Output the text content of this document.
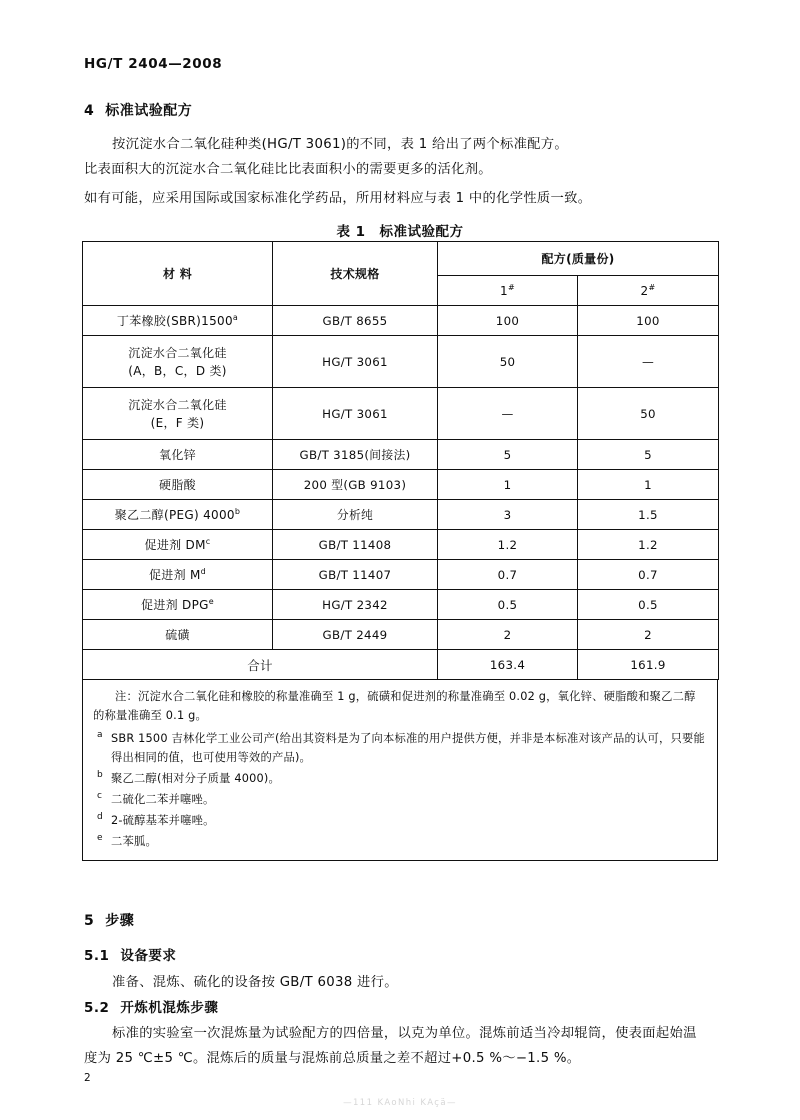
HG/T 2404—2008
4 标准试验配方
按沉淀水合二氧化硅种类(HG/T 3061)的不同，表 1 给出了两个标准配方。
比表面积大的沉淀水合二氧化硅比比表面积小的需要更多的活化剂。
如有可能，应采用国际或国家标准化学药品，所用材料应与表 1 中的化学性质一致。
表 1 标准试验配方
材 料	技术规格	配方(质量份)	
		1#	2#
丁苯橡胶(SBR)1500$^a$	GB/T 8655	100	100
沉淀水合二氧化硅
(A，B，C，D 类)	HG/T 3061	50	—
沉淀水合二氧化硅
(E，F 类)	HG/T 3061	—	50
氧化锌	GB/T 3185(间接法)	5	5
硬脂酸	200 型(GB 9103)	1	1
聚乙二醇(PEG) 4000$^b$	分析纯	3	1.5
促进剂 $DM^c$	GB/T 11408	1.2	1.2
促进剂 $M^d$	GB/T 11407	0.7	0.7
促进剂 DPG$^e$	HG/T 2342	0.5	0.5
硫磺	GB/T 2449	2	2
合计		163.4	161.9

注：沉淀水合二氧化硅和橡胶的称量准确至 1 g，硫磺和促进剂的称量准确至 0.02 g，氧化锌、硬脂酸和聚乙二醇的称量准确至 0.1 g。

a SBR 1500 吉林化学工业公司产(给出其资料是为了向本标准的用户提供方便，并非是本标准对该产品的认可，只要能得出相同的值，也可使用等效的产品)。

b 聚乙二醇(相对分子质量 4000)。

c 二硫化二苯并噻唑。

d 2-硫醇基苯并噻唑。

e 二苯胍。

5 步骤
5.1 设备要求
准备、混炼、硫化的设备按 GB/T 6038 进行。
5.2 开炼机混炼步骤
标准的实验室一次混炼量为试验配方的四倍量，以克为单位。混炼前适当冷却辊筒，使表面起始温
度为 25 ℃±5 ℃。混炼后的质量与混炼前总质量之差不超过+0.5 %～−1.5 %。
2
—111 KAoNhi KAçä—
